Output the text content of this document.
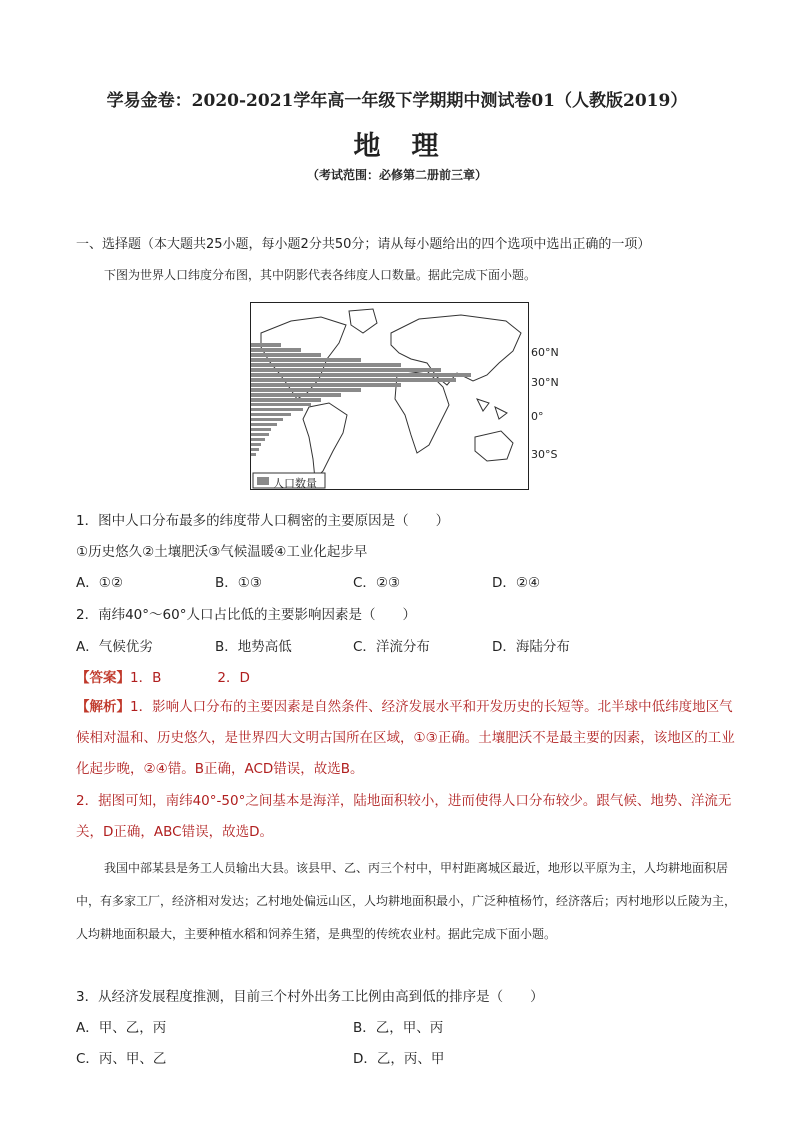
学易金卷：2020-2021学年高一年级下学期期中测试卷01（人教版2019）
地　理
（考试范围：必修第二册前三章）
一、选择题（本大题共25小题，每小题2分共50分；请从每小题给出的四个选项中选出正确的一项）
下图为世界人口纬度分布图，其中阴影代表各纬度人口数量。据此完成下面小题。
人口数量
60°N
30°N
0°
30°S
1．图中人口分布最多的纬度带人口稠密的主要原因是（　　）
①历史悠久②土壤肥沃③气候温暖④工业化起步早
A．①②	B．①③	C．②③	D．②④
2．南纬40°～60°人口占比低的主要影响因素是（　　）
A．气候优劣	B．地势高低	C．洋流分布	D．海陆分布
【答案】1．B	2．D
【解析】1．影响人口分布的主要因素是自然条件、经济发展水平和开发历史的长短等。北半球中低纬度地区气候相对温和、历史悠久，是世界四大文明古国所在区域，①③正确。土壤肥沃不是最主要的因素，该地区的工业化起步晚，②④错。B正确，ACD错误，故选B。
2．据图可知，南纬40°-50°之间基本是海洋，陆地面积较小，进而使得人口分布较少。跟气候、地势、洋流无关，D正确，ABC错误，故选D。
我国中部某县是务工人员输出大县。该县甲、乙、丙三个村中，甲村距离城区最近，地形以平原为主，人均耕地面积居中，有多家工厂，经济相对发达；乙村地处偏远山区，人均耕地面积最小，广泛种植杨竹，经济落后；丙村地形以丘陵为主，人均耕地面积最大，主要种植水稻和饲养生猪，是典型的传统农业村。据此完成下面小题。
3．从经济发展程度推测，目前三个村外出务工比例由高到低的排序是（　　）
A．甲、乙，丙	B．乙，甲、丙
C．丙、甲、乙	D．乙，丙、甲
